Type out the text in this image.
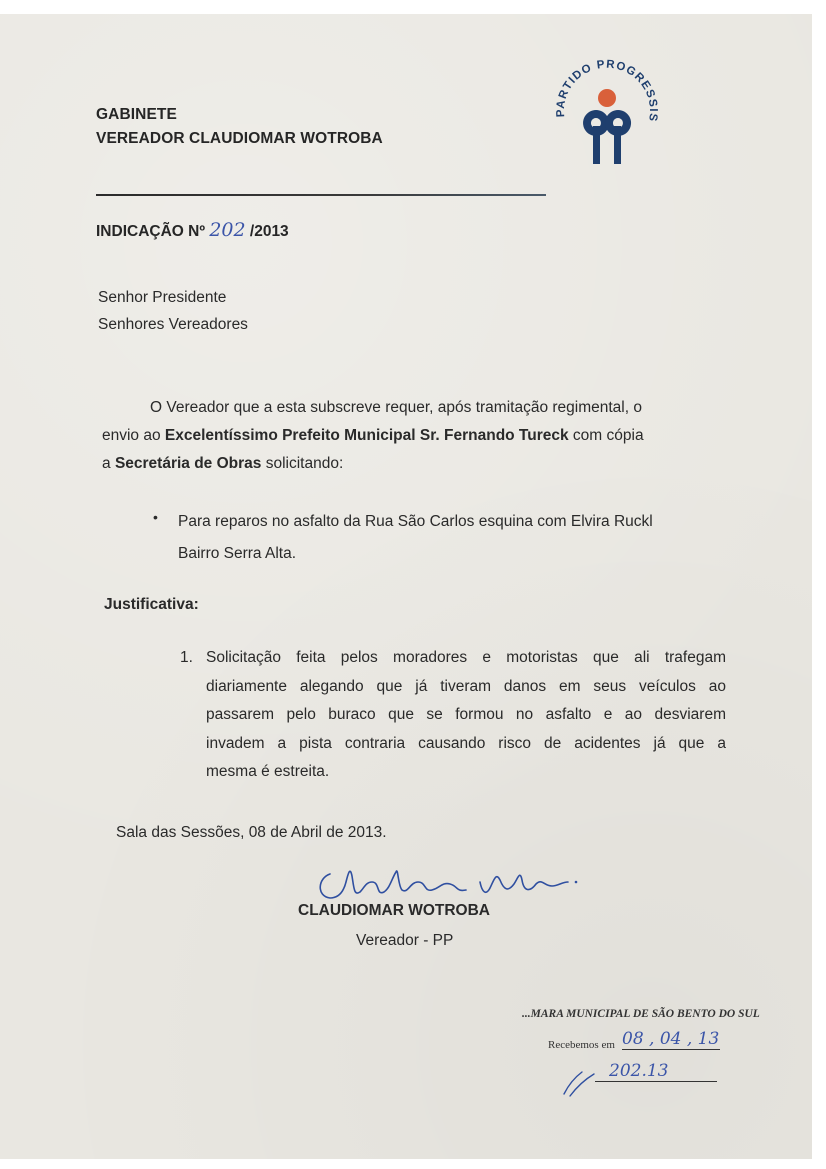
GABINETE
VEREADOR CLAUDIOMAR WOTROBA
PARTIDO PROGRESSIS
INDICAÇÃO Nº 202 /2013
Senhor Presidente
Senhores Vereadores
O Vereador que a esta subscreve requer, após tramitação regimental, o
envio ao Excelentíssimo Prefeito Municipal Sr. Fernando Tureck com cópia
a Secretária de Obras solicitando:
• Para reparos no asfalto da Rua São Carlos esquina com Elvira Ruckl
Bairro Serra Alta.
Justificativa:
1. Solicitação feita pelos moradores e motoristas que ali trafegam
diariamente alegando que já tiveram danos em seus veículos ao
passarem pelo buraco que se formou no asfalto e ao desviarem
invadem a pista contraria causando risco de acidentes já que a
mesma é estreita.
Sala das Sessões, 08 de Abril de 2013.
CLAUDIOMAR WOTROBA
Vereador - PP
...MARA MUNICIPAL DE SÃO BENTO DO SUL
Recebemos em 08 , 04 , 13
202.13
